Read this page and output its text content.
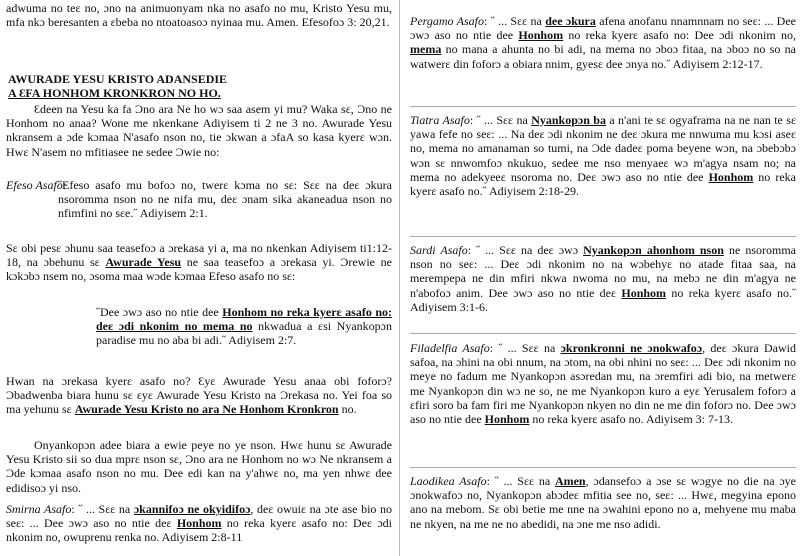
adwuma no teɛ no, ɔno na animuonyam nka no asafo no mu, Kristo Yesu mu, mfa nkɔ beresanten a ɛbeba no ntoatoasoɔ nyinaa mu. Amen. Efesofoɔ 3: 20,21.

AWURADE YESU KRISTO ADANSEDIE

A ƐFA HONHOM KRONKRON NO HO.

Ɛdeen na Yesu ka fa Ɔno ara Ne ho wɔ saa asem yi mu? Waka sɛ, Ɔno ne Honhom no anaa? Wone me nkenkane Adiyisem ti 2 ne 3 no. Awurade Yesu nkransem a ɔde kɔmaa N'asafo nson no, tie ɔkwan a ɔfaA so kasa kyerɛ wɔn. Hwɛ N'asem no mfitiasee ne sedee Ɔwie no:

Efeso Asafo:
˝Efeso asafo mu bofoɔ no, twerɛ kɔma no sɛ: Sɛɛ na deɛ ɔkura nsoromma nson no ne nifa mu, deɛ ɔnam sika akaneadua nson no nfimfini no sɛe.˝ Adiyisem 2:1.

Sɛ obi pesɛ ɔhunu saa teasefoɔ a ɔrekasa yi a, ma no nkenkan Adiyisem ti1:12-18, na ɔbehunu sɛ Awurade Yesu ne saa teasefoɔ a ɔrekasa yi. Ɔrewie ne kɔkɔbɔ nsem no, ɔsoma maa wɔde kɔmaa Efeso asafo no sɛ:

˝Dee ɔwɔ aso no ntie dee Honhom no reka kyerɛ asafo no: deɛ ɔdi nkonim no mema no nkwadua a ɛsi Nyankopɔn paradise mu no aba bi adi.˝ Adiyisem 2:7.

Hwan na ɔrekasa kyerɛ asafo no? Ɛyɛ Awurade Yesu anaa obi foforɔ? Ɔbadwenba biara hunu sɛ ɛyɛ Awurade Yesu Kristo na Ɔrekasa no. Yei foa so ma yehunu sɛ Awurade Yesu Kristo no ara Ne Honhom Kronkron no.

Onyankopɔn adee biara a ewie peye no ye nson. Hwɛ hunu sɛ Awurade Yesu Kristo sii so dua mprɛ nson sɛ, Ɔno ara ne Honhom no wɔ Ne nkransem a Ɔde kɔmaa asafo nson no mu. Dee edi kan na y'ahwɛ no, ma yen nhwɛ dee edidisoɔ yi nso.

Smirna Asafo: ˝ ... Sɛɛ na ɔkannifoɔ ne okyidifoɔ, deɛ owuiɛ na ɔte ase bio no seɛ: ... Dee ɔwɔ aso no ntie deɛ Honhom no reka kyerɛ asafo no: Deɛ ɔdi nkonim no, owuprenu renka no. Adiyisem 2:8-11

Pergamo Asafo: ˝ ... Sɛɛ na dee ɔkura afena anofanu nnamnnam no seɛ: ... Dee ɔwɔ aso no ntie dee Honhom no reka kyerɛ asafo no: Dee ɔdi nkonim no, mema no mana a ahunta no bi adi, na mema no ɔboɔ fitaa, na ɔboɔ no so na watwerɛ din foforɔ a obiara nnim, gyesɛ dee ɔnya no.˝ Adiyisem 2:12-17.

Tiatra Asafo: ˝ ... Sɛɛ na Nyankopɔn ba a n'ani te sɛ ogyaframa na ne nan te sɛ yawa fefe no seɛ: ... Na deɛ ɔdi nkonim ne deɛ ɔkura me nnwuma mu kɔsi aseɛ no, mema no amanaman so tumi, na Ɔde dadeɛ poma beyene wɔn, na ɔbebɔbɔ wɔn sɛ nnwomfoɔ nkukuo, sedee me nso menyaeɛ wɔ m'agya nsam no; na mema no adekyeeɛ nsoroma no. Deɛ ɔwɔ aso no ntie dee Honhom no reka kyerɛ asafo no.˝ Adiyisem 2:18-29.

Sardi Asafo: ˝ ... Sɛɛ na deɛ ɔwɔ Nyankopɔn ahonhom nson ne nsoromma nson no seɛ: ... Deɛ ɔdi nkonim no na wɔbehyɛ no atade fitaa saa, na merempepa ne din mfiri nkwa nwoma no mu, na mebɔ ne din m'agya ne n'abofoɔ anim. Dee ɔwɔ aso no ntie deɛ Honhom no reka kyerɛ asafo no.˝ Adiyisem 3:1-6.

Filadelfia Asafo: ˝ ... Sɛɛ na ɔkronkronni ne ɔnokwafoɔ, deɛ ɔkura Dawid safoa, na ɔhini na obi nnum, na ɔtom, na obi nhini no seɛ: ... Deɛ ɔdi nkonim no meye no fadum me Nyankopɔn asɔredan mu, na ɔremfiri adi bio, na metwerɛ me Nyankopɔn din wɔ ne so, ne me Nyankopɔn kuro a eyɛ Yerusalem foforɔ a ɛfiri soro ba fam firi me Nyankopɔn nkyen no din ne me din foforɔ no. Dee ɔwɔ aso no ntie dee Honhom no reka kyerɛ asafo no. Adiyisem 3: 7-13.

Laodikea Asafo: ˝ ... Sɛɛ na Amen, ɔdansefoɔ a ɔse sɛ wɔgye no die na ɔye ɔnokwafoɔ no, Nyankopɔn abɔdeɛ mfitia see no, seɛ: ... Hwɛ, megyina epono ano na mebom. Sɛ obi betie me nne na ɔwahini epono no a, mehyene mu maba ne nkyen, na me ne no abedidi, na ɔne me nso adidi.
